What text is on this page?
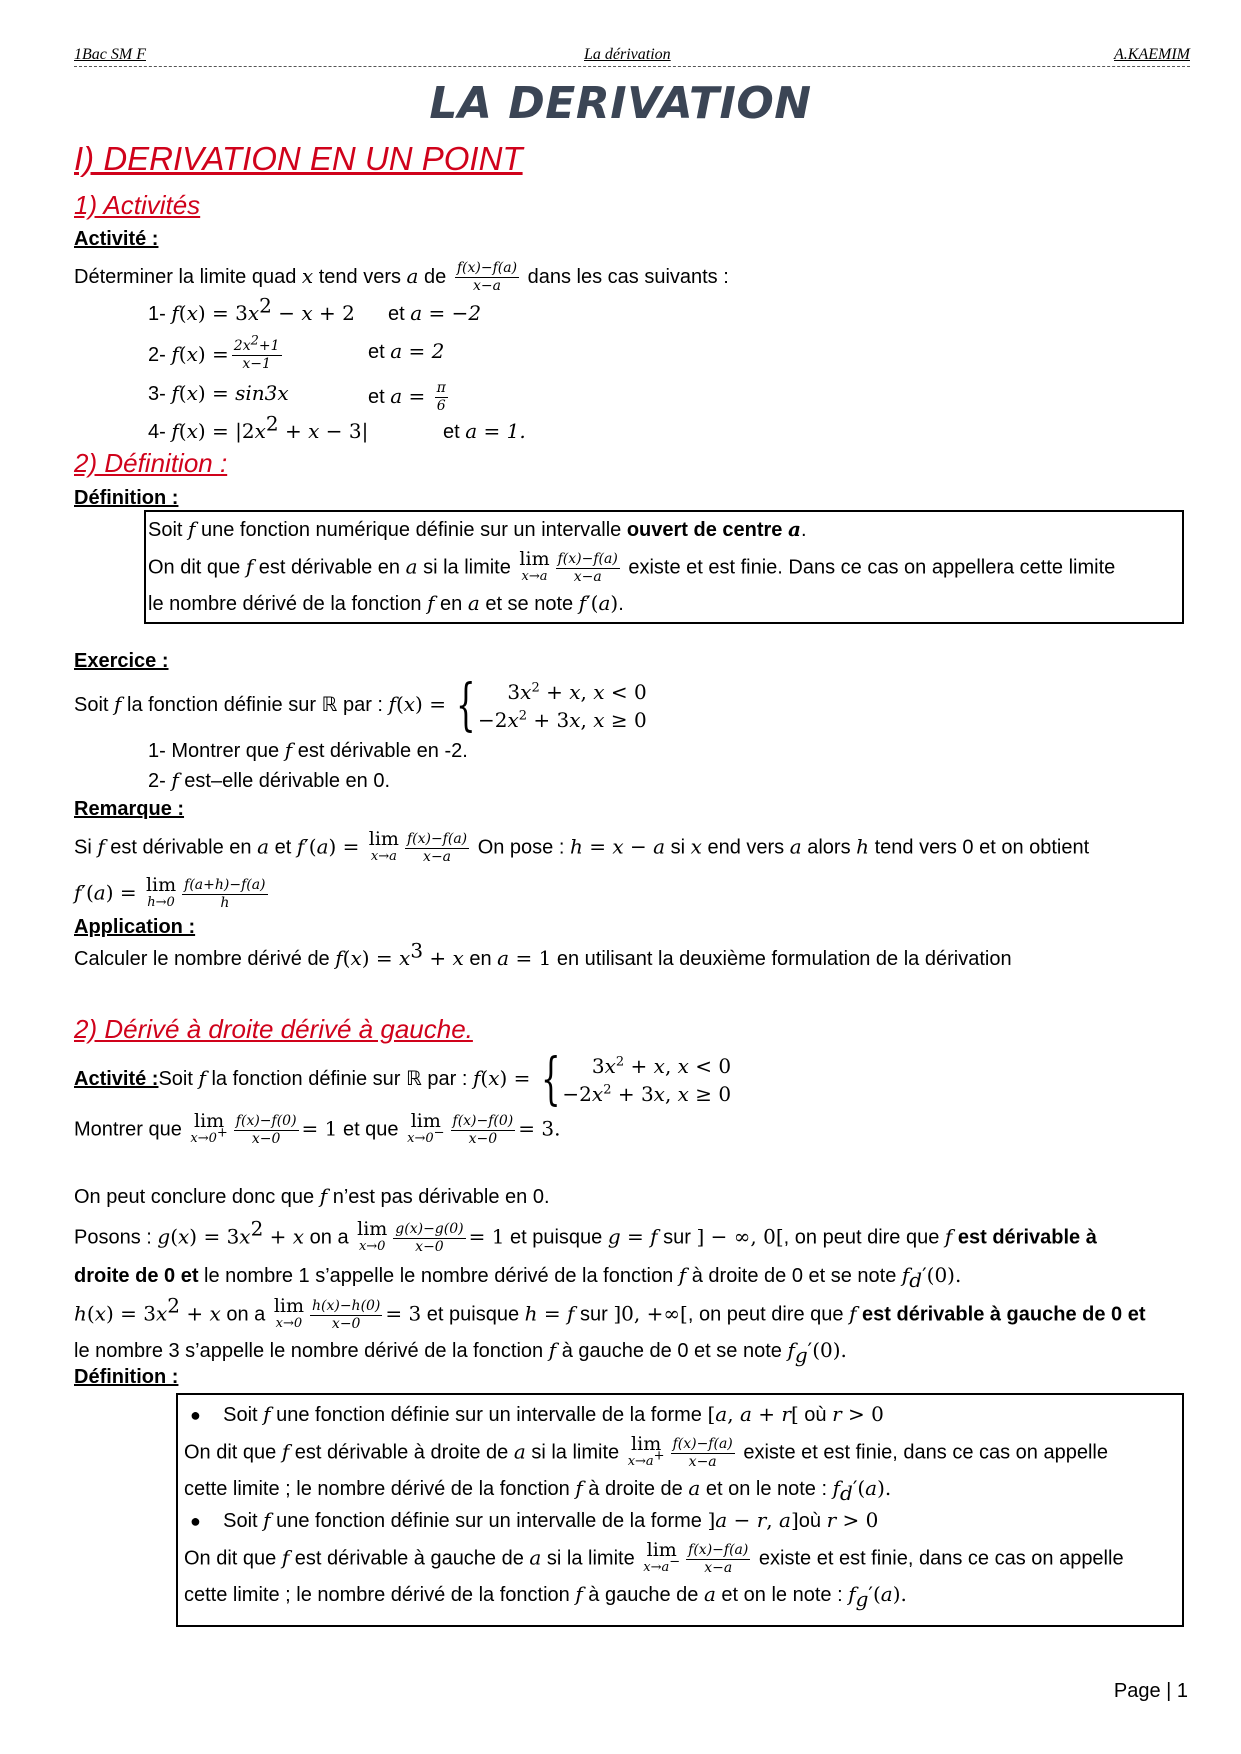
1Bac SM F	La dérivation	A.KAEMIM
LA DERIVATION
I) DERIVATION EN UN POINT
1) Activités
Activité :
Déterminer la limite quad x tend vers a de $\frac{f(x)-f(a)}{x-a}$ dans les cas suivants :
1- $f(x) = 3x^2 - x + 2$ et a = −2
2- $f(x) = \frac{2x^2+1}{x-1}$	et a = 2
3- f(x) = sin3x	et $a = \frac{\pi}{6}$
4- $f(x) = |2x^2 + x - 3|$	et a = 1.
2) Définition :
Définition :
Soit f une fonction numérique définie sur un intervalle ouvert de centre a.
On dit que f est dérivable en a si la limite lim
$x\to a \frac{f(x)-f(a)}{x-a}$ existe et est finie. Dans ce cas on appellera cette limite
le nombre dérivé de la fonction f en a et se note f′(a).
Exercice :
Soit f la fonction définie sur ℝ par : f(x) = { $3x^2 + x$, x < 0
$-2x^2 + 3x$, x ≥ 0
1- Montrer que f est dérivable en -2.
2- f est–elle dérivable en 0.
Remarque :
Si f est dérivable en a et f′(a) = lim
$x\to a \frac{f(x)-f(a)}{x-a}$ On pose : h = x − a si x end vers a alors h tend vers 0 et on obtient
f′(a) = lim
$h\to 0 \frac{f(a+h)-f(a)}{h}$
Application :
Calculer le nombre dérivé de $f(x) = x^3 + x$ en a = 1 en utilisant la deuxième formulation de la dérivation
2) Dérivé à droite dérivé à gauche.
Activité :Soit f la fonction définie sur ℝ par : f(x) = { $3x^2 + x$, x < 0
$-2x^2 + 3x$, x ≥ 0
Montrer que lim
$x\to 0^+ \frac{f(x)-f(0)}{x-0} = 1$ et que lim
$x\to 0^- \frac{f(x)-f(0)}{x-0} = 3$.
On peut conclure donc que f n’est pas dérivable en 0.
Posons : $g(x) = 3x^2 + x$ on a lim
$x\to 0 \frac{g(x)-g(0)}{x-0} = 1$ et puisque g = f sur ] − ∞, 0[, on peut dire que f est dérivable à
droite de 0 et le nombre 1 s’appelle le nombre dérivé de la fonction f à droite de 0 et se note $f_d'(0)$.
$h(x) = 3x^2 + x$ on a lim
$x\to 0 \frac{h(x)-h(0)}{x-0} = 3$ et puisque h = f sur ]0, +∞[, on peut dire que f est dérivable à gauche de 0 et
le nombre 3 s’appelle le nombre dérivé de la fonction f à gauche de 0 et se note $f_g'(0)$.
Définition :
● Soit f une fonction définie sur un intervalle de la forme [a, a + r[ où r > 0
On dit que f est dérivable à droite de a si la limite lim
$x\to a^+ \frac{f(x)-f(a)}{x-a}$ existe et est finie, dans ce cas on appelle
cette limite ; le nombre dérivé de la fonction f à droite de a et on le note : $f_d'(a)$.
● Soit f une fonction définie sur un intervalle de la forme ]a − r, a]où r > 0
On dit que f est dérivable à gauche de a si la limite lim
$x\to a^- \frac{f(x)-f(a)}{x-a}$ existe et est finie, dans ce cas on appelle
cette limite ; le nombre dérivé de la fonction f à gauche de a et on le note : $f_g'(a)$.
Page | 1
